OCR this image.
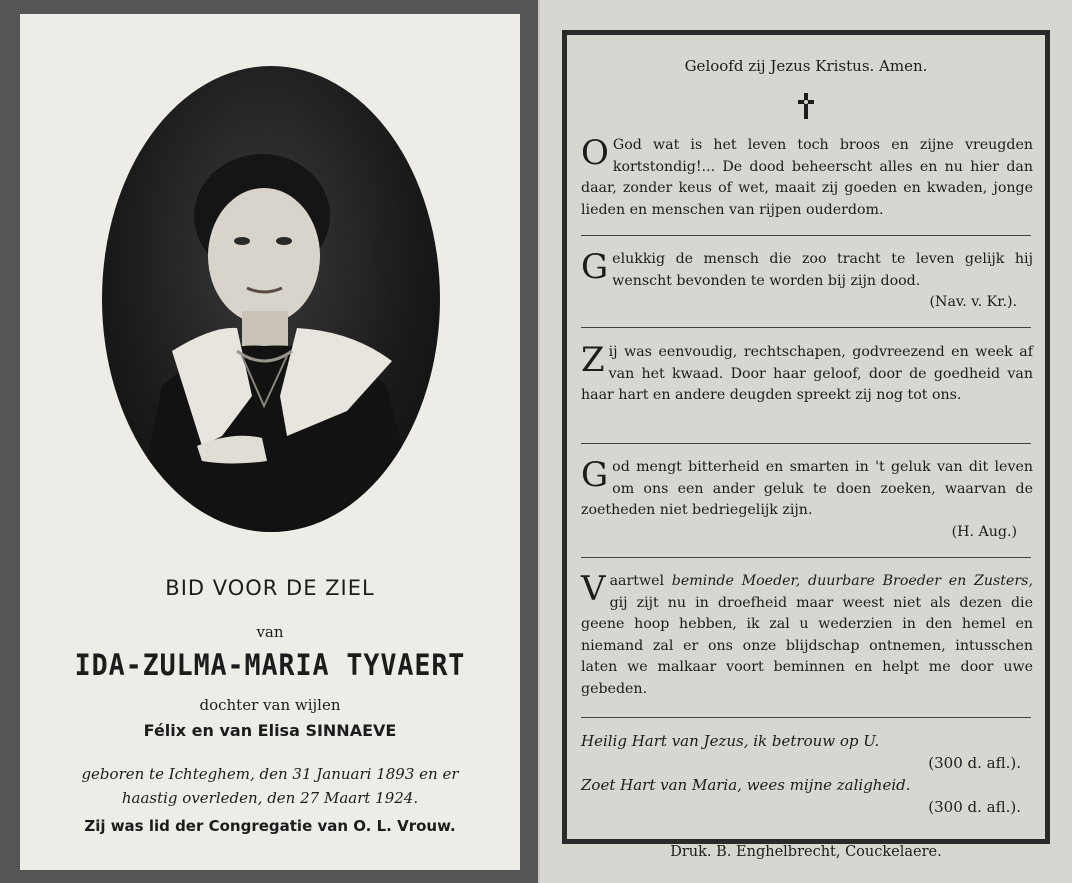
BID VOOR DE ZIEL
van
IDA-ZULMA-MARIA TYVAERT
dochter van wijlen
Félix en van Elisa SINNAEVE
geboren te Ichteghem, den 31 Januari 1893 en er
haastig overleden, den 27 Maart 1924.
Zij was lid der Congregatie van O. L. Vrouw.
Geloofd zij Jezus Kristus. Amen.
O God wat is het leven toch broos en zijne vreugden kortstondig!... De dood beheerscht alles en nu hier dan daar, zonder keus of wet, maait zij goeden en kwaden, jonge lieden en menschen van rijpen ouderdom.
Gelukkig de mensch die zoo tracht te leven gelijk hij wenscht bevonden te worden bij zijn dood.
(Nav. v. Kr.).
Zij was eenvoudig, rechtschapen, godvreezend en week af van het kwaad. Door haar geloof, door de goedheid van haar hart en andere deugden spreekt zij nog tot ons.
God mengt bitterheid en smarten in 't geluk van dit leven om ons een ander geluk te doen zoeken, waarvan de zoetheden niet bedriegelijk zijn.
(H. Aug.)
Vaartwel beminde Moeder, duurbare Broeder en Zusters, gij zijt nu in droefheid maar weest niet als dezen die geene hoop hebben, ik zal u wederzien in den hemel en niemand zal er ons onze blijdschap ontnemen, intusschen laten we malkaar voort beminnen en helpt me door uwe gebeden.
Heilig Hart van Jezus, ik betrouw op U.
(300 d. afl.).
Zoet Hart van Maria, wees mijne zaligheid.
(300 d. afl.).
Druk. B. Enghelbrecht, Couckelaere.
